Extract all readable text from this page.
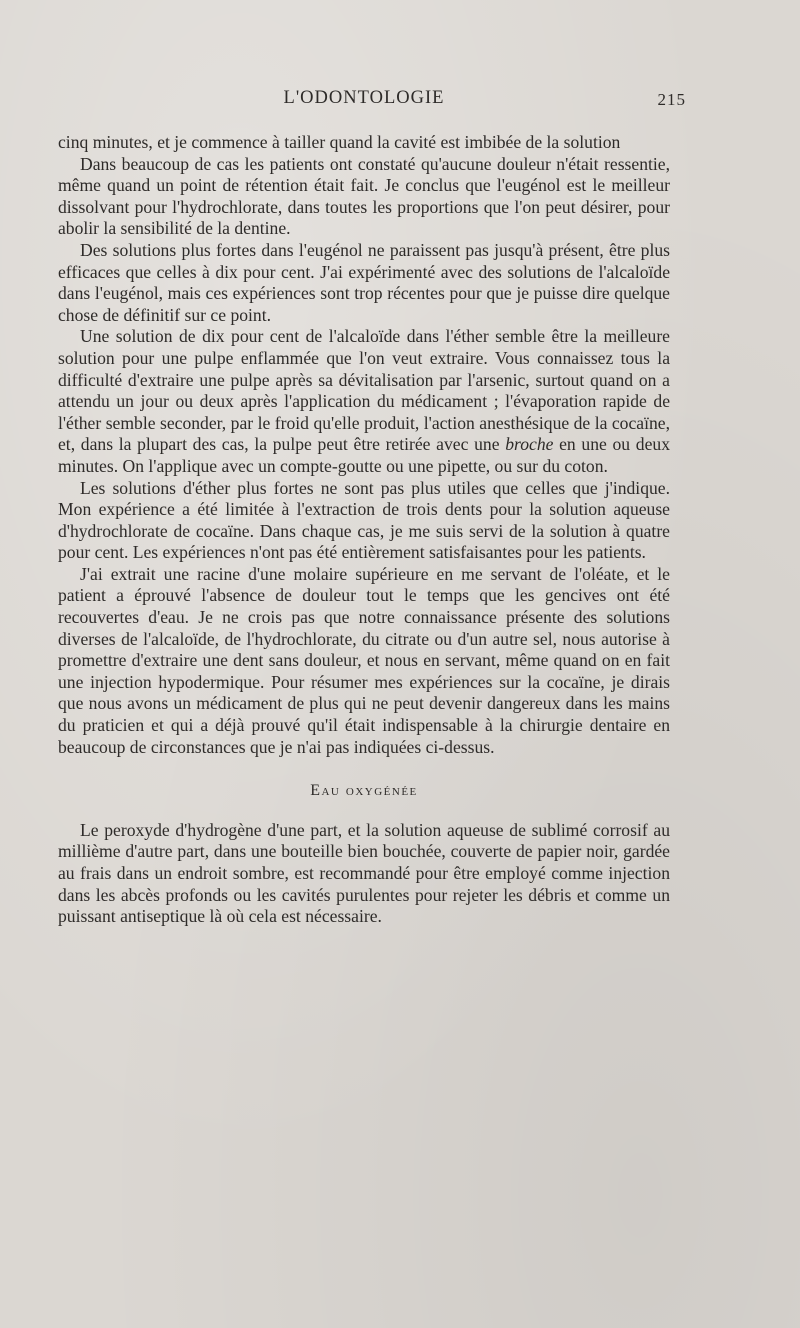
L'ODONTOLOGIE	215

cinq minutes, et je commence à tailler quand la cavité est imbibée de la solution

Dans beaucoup de cas les patients ont constaté qu'aucune douleur n'était ressentie, même quand un point de rétention était fait. Je conclus que l'eugénol est le meilleur dissolvant pour l'hydrochlorate, dans toutes les proportions que l'on peut désirer, pour abolir la sensibilité de la dentine.

Des solutions plus fortes dans l'eugénol ne paraissent pas jusqu'à présent, être plus efficaces que celles à dix pour cent. J'ai expérimenté avec des solutions de l'alcaloïde dans l'eugénol, mais ces expériences sont trop récentes pour que je puisse dire quelque chose de définitif sur ce point.

Une solution de dix pour cent de l'alcaloïde dans l'éther semble être la meilleure solution pour une pulpe enflammée que l'on veut extraire. Vous connaissez tous la difficulté d'extraire une pulpe après sa dévitalisation par l'arsenic, surtout quand on a attendu un jour ou deux après l'application du médicament ; l'évaporation rapide de l'éther semble seconder, par le froid qu'elle produit, l'action anesthésique de la cocaïne, et, dans la plupart des cas, la pulpe peut être retirée avec une broche en une ou deux minutes. On l'applique avec un compte-goutte ou une pipette, ou sur du coton.

Les solutions d'éther plus fortes ne sont pas plus utiles que celles que j'indique. Mon expérience a été limitée à l'extraction de trois dents pour la solution aqueuse d'hydrochlorate de cocaïne. Dans chaque cas, je me suis servi de la solution à quatre pour cent. Les expériences n'ont pas été entièrement satisfaisantes pour les patients.

J'ai extrait une racine d'une molaire supérieure en me servant de l'oléate, et le patient a éprouvé l'absence de douleur tout le temps que les gencives ont été recouvertes d'eau. Je ne crois pas que notre connaissance présente des solutions diverses de l'alcaloïde, de l'hydrochlorate, du citrate ou d'un autre sel, nous autorise à promettre d'extraire une dent sans douleur, et nous en servant, même quand on en fait une injection hypodermique. Pour résumer mes expériences sur la cocaïne, je dirais que nous avons un médicament de plus qui ne peut devenir dangereux dans les mains du praticien et qui a déjà prouvé qu'il était indispensable à la chirurgie dentaire en beaucoup de circonstances que je n'ai pas indiquées ci-dessus.

Eau oxygénée

Le peroxyde d'hydrogène d'une part, et la solution aqueuse de sublimé corrosif au millième d'autre part, dans une bouteille bien bouchée, couverte de papier noir, gardée au frais dans un endroit sombre, est recommandé pour être employé comme injection dans les abcès profonds ou les cavités purulentes pour rejeter les débris et comme un puissant antiseptique là où cela est nécessaire.
